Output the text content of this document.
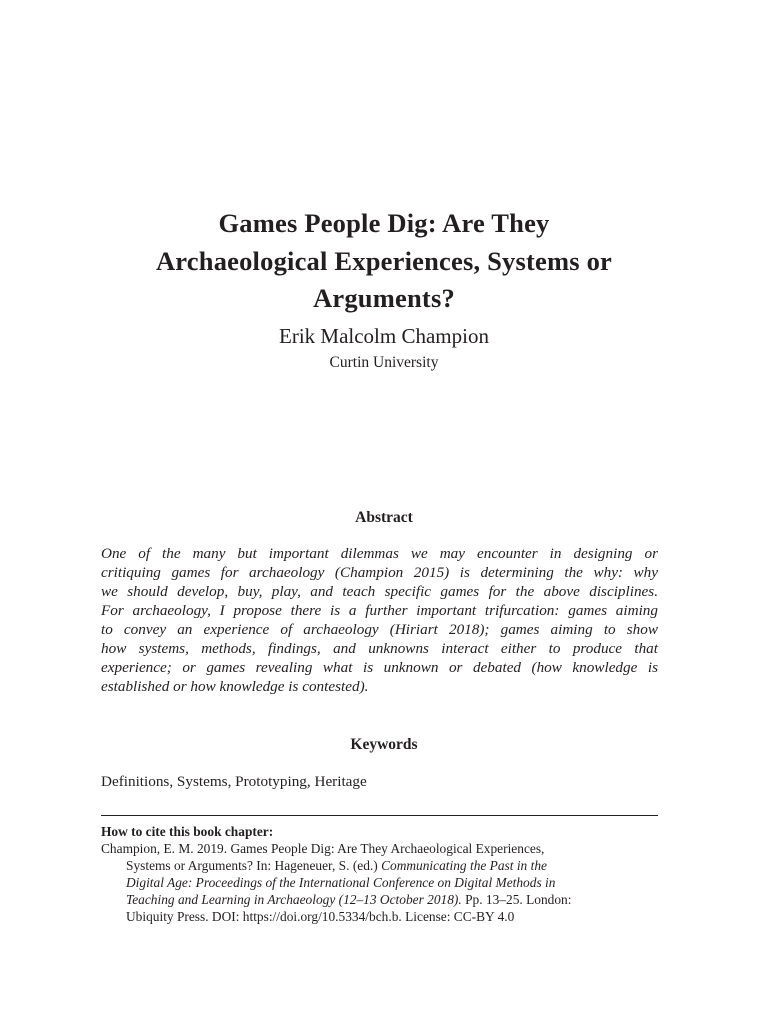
Games People Dig: Are They
Archaeological Experiences, Systems or
Arguments?
Erik Malcolm Champion
Curtin University
Abstract
One of the many but important dilemmas we may encounter in designing or
critiquing games for archaeology (Champion 2015) is determining the why: why
we should develop, buy, play, and teach specific games for the above disciplines.
For archaeology, I propose there is a further important trifurcation: games aiming
to convey an experience of archaeology (Hiriart 2018); games aiming to show
how systems, methods, findings, and unknowns interact either to produce that
experience; or games revealing what is unknown or debated (how knowledge is
established or how knowledge is contested).
Keywords
Definitions, Systems, Prototyping, Heritage
How to cite this book chapter:
Champion, E. M. 2019. Games People Dig: Are They Archaeological Experiences,
Systems or Arguments? In: Hageneuer, S. (ed.) Communicating the Past in the
Digital Age: Proceedings of the International Conference on Digital Methods in
Teaching and Learning in Archaeology (12–13 October 2018). Pp. 13–25. London:
Ubiquity Press. DOI: https://doi.org/10.5334/bch.b. License: CC-BY 4.0
